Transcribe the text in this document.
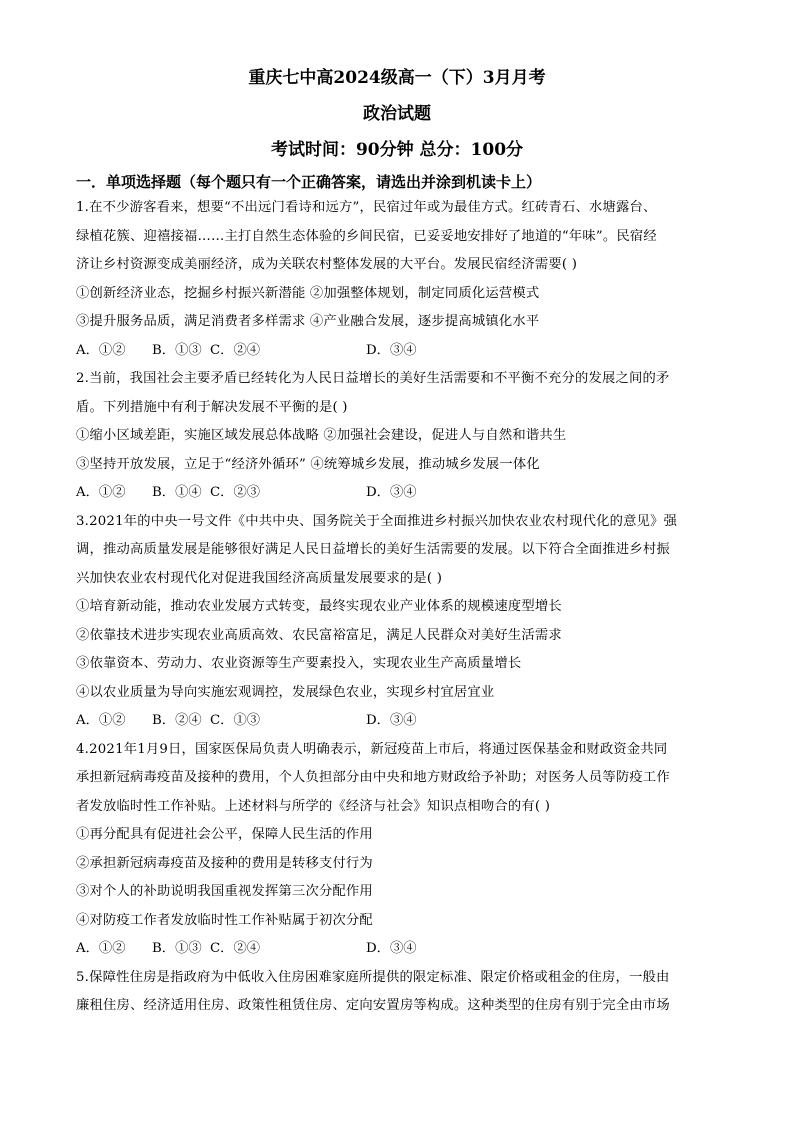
重庆七中高2024级高一（下）3月月考
政治试题
考试时间：90分钟 总分：100分
一．单项选择题（每个题只有一个正确答案，请选出并涂到机读卡上）
1.在不少游客看来，想要“不出远门看诗和远方”，民宿过年或为最佳方式。红砖青石、水塘露台、
绿植花簇、迎禧接福……主打自然生态体验的乡间民宿，已妥妥地安排好了地道的“年味”。民宿经
济让乡村资源变成美丽经济，成为关联农村整体发展的大平台。发展民宿经济需要( )
①创新经济业态，挖掘乡村振兴新潜能 ②加强整体规划，制定同质化运营模式
③提升服务品质，满足消费者多样需求 ④产业融合发展，逐步提高城镇化水平
A．①②	B．①③ C．②④	D．③④
2.当前，我国社会主要矛盾已经转化为人民日益增长的美好生活需要和不平衡不充分的发展之间的矛
盾。下列措施中有利于解决发展不平衡的是( )
①缩小区域差距，实施区域发展总体战略 ②加强社会建设，促进人与自然和谐共生
③坚持开放发展，立足于“经济外循环” ④统筹城乡发展，推动城乡发展一体化
A．①②	B．①④ C．②③	D．③④
3.2021年的中央一号文件《中共中央、国务院关于全面推进乡村振兴加快农业农村现代化的意见》强
调，推动高质量发展是能够很好满足人民日益增长的美好生活需要的发展。以下符合全面推进乡村振
兴加快农业农村现代化对促进我国经济高质量发展要求的是( )
①培育新动能，推动农业发展方式转变，最终实现农业产业体系的规模速度型增长
②依靠技术进步实现农业高质高效、农民富裕富足，满足人民群众对美好生活需求
③依靠资本、劳动力、农业资源等生产要素投入，实现农业生产高质量增长
④以农业质量为导向实施宏观调控，发展绿色农业，实现乡村宜居宜业
A．①②	B．②④ C．①③	D．③④
4.2021年1月9日，国家医保局负责人明确表示，新冠疫苗上市后，将通过医保基金和财政资金共同
承担新冠病毒疫苗及接种的费用，个人负担部分由中央和地方财政给予补助；对医务人员等防疫工作
者发放临时性工作补贴。上述材料与所学的《经济与社会》知识点相吻合的有( )
①再分配具有促进社会公平，保障人民生活的作用
②承担新冠病毒疫苗及接种的费用是转移支付行为
③对个人的补助说明我国重视发挥第三次分配作用
④对防疫工作者发放临时性工作补贴属于初次分配
A．①②	B．①③ C．②④	D．③④
5.保障性住房是指政府为中低收入住房困难家庭所提供的限定标准、限定价格或租金的住房，一般由
廉租住房、经济适用住房、政策性租赁住房、定向安置房等构成。这种类型的住房有别于完全由市场
